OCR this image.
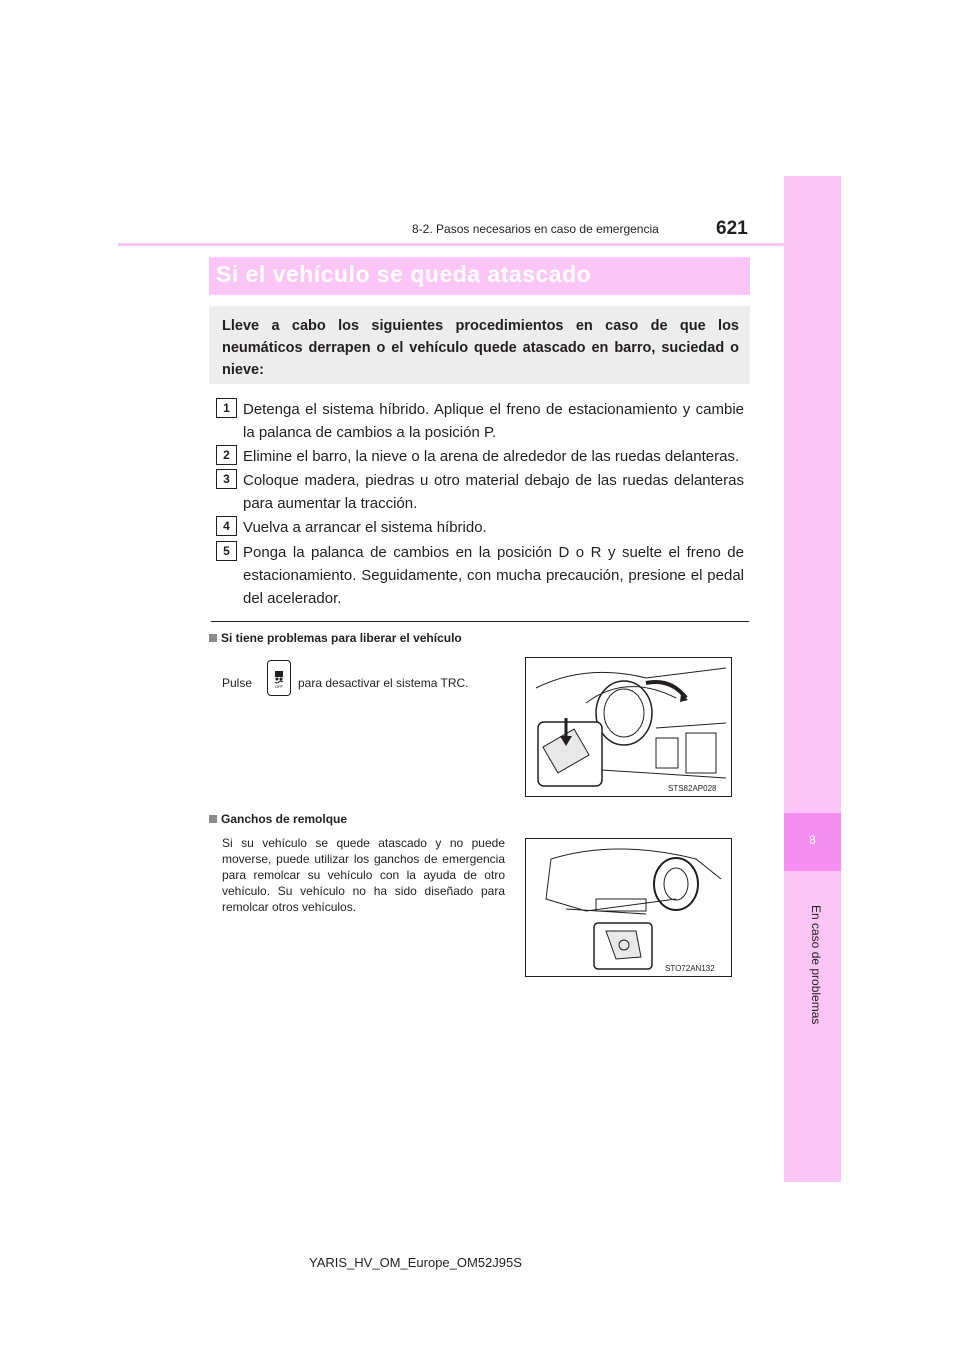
8
En caso de problemas
8-2. Pasos necesarios en caso de emergencia	621
Si el vehículo se queda atascado
Lleve a cabo los siguientes procedimientos en caso de que los neumáticos derrapen o el vehículo quede atascado en barro, suciedad o nieve:
1 Detenga el sistema híbrido. Aplique el freno de estacionamiento y cambie la palanca de cambios a la posición P.
2 Elimine el barro, la nieve o la arena de alrededor de las ruedas delanteras.
3 Coloque madera, piedras u otro material debajo de las ruedas delanteras para aumentar la tracción.
4 Vuelva a arrancar el sistema híbrido.
5 Ponga la palanca de cambios en la posición D o R y suelte el freno de estacionamiento. Seguidamente, con mucha precaución, presione el pedal del acelerador.
Si tiene problemas para liberar el vehículo
Pulse	OFF para desactivar el sistema TRC.
STS82AP028
Ganchos de remolque
Si su vehículo se quede atascado y no puede moverse, puede utilizar los ganchos de emergencia para remolcar su vehículo con la ayuda de otro vehículo. Su vehículo no ha sido diseñado para remolcar otros vehículos.
STO72AN132
YARIS_HV_OM_Europe_OM52J95S
